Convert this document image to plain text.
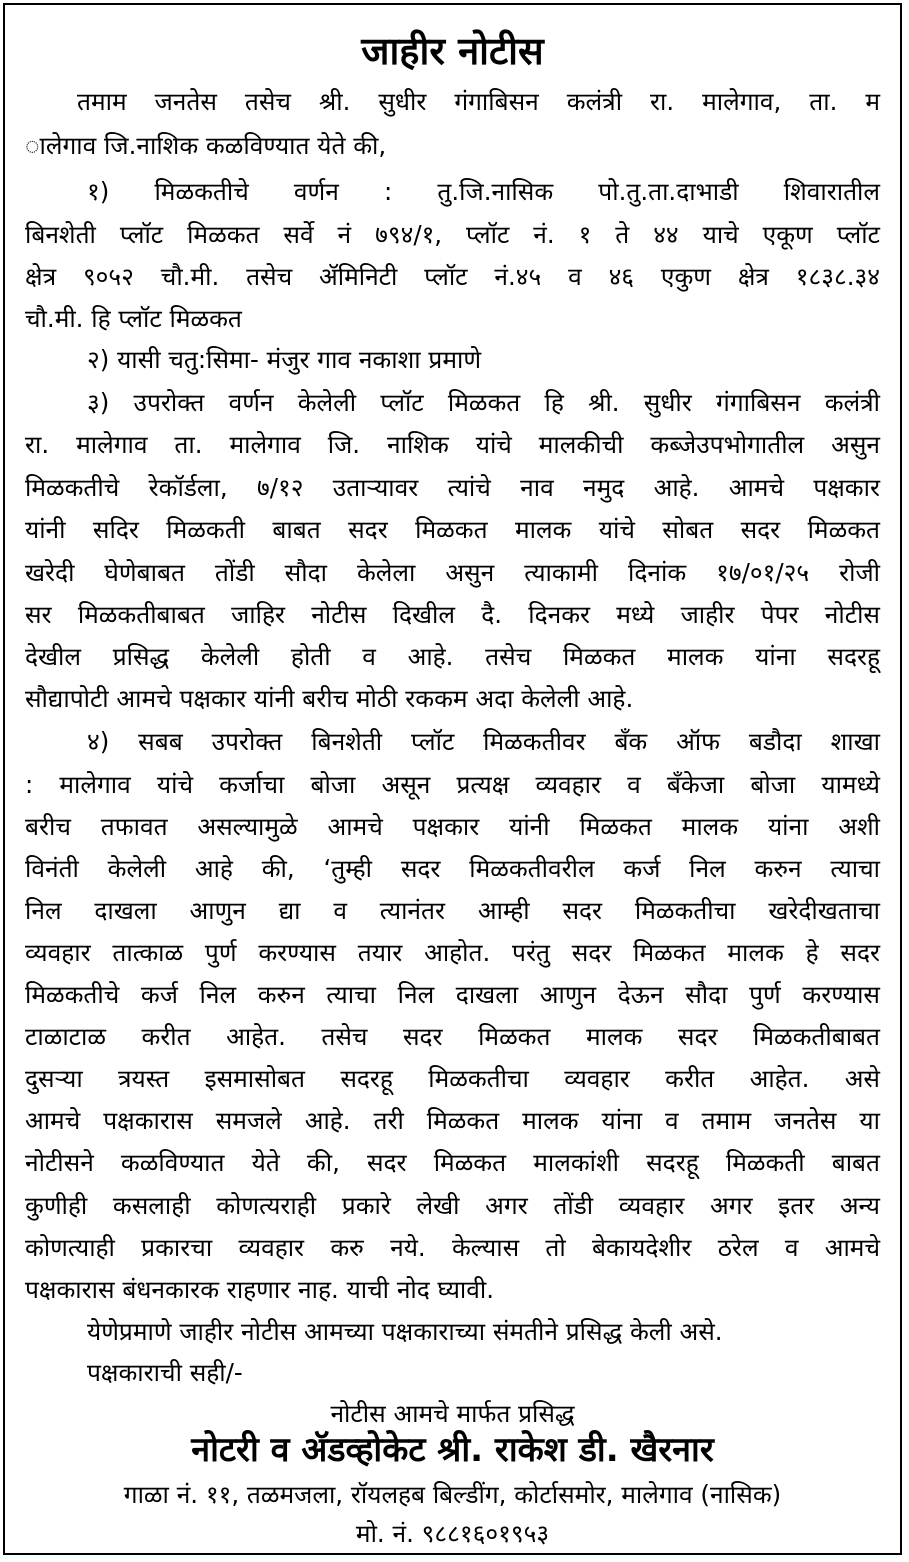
जाहीर नोटीस
तमाम जनतेस तसेच श्री. सुधीर गंगाबिसन कलंत्री रा. मालेगाव, ता. म
ालेगाव जि.नाशिक कळविण्यात येते की,
१) मिळकतीचे वर्णन : तु.जि.नासिक पो.तु.ता.दाभाडी शिवारातील
बिनशेती प्लॉट मिळकत सर्वे नं ७९४/१, प्लॉट नं. १ ते ४४ याचे एकूण प्लॉट
क्षेत्र ९०५२ चौ.मी. तसेच ॲमिनिटी प्लॉट नं.४५ व ४६ एकुण क्षेत्र १८३८.३४
चौ.मी. हि प्लॉट मिळकत
२) यासी चतु:सिमा- मंजुर गाव नकाशा प्रमाणे
३) उपरोक्त वर्णन केलेली प्लॉट मिळकत हि श्री. सुधीर गंगाबिसन कलंत्री
रा. मालेगाव ता. मालेगाव जि. नाशिक यांचे मालकीची कब्जेउपभोगातील असुन
मिळकतीचे रेकॉर्डला, ७/१२ उताऱ्यावर त्यांचे नाव नमुद आहे. आमचे पक्षकार
यांनी सदिर मिळकती बाबत सदर मिळकत मालक यांचे सोबत सदर मिळकत
खरेदी घेणेबाबत तोंडी सौदा केलेला असुन त्याकामी दिनांक १७/०१/२५ रोजी
सर मिळकतीबाबत जाहिर नोटीस दिखील दै. दिनकर मध्ये जाहीर पेपर नोटीस
देखील प्रसिद्ध केलेली होती व आहे. तसेच मिळकत मालक यांना सदरहू
सौद्यापोटी आमचे पक्षकार यांनी बरीच मोठी रककम अदा केलेली आहे.
४) सबब उपरोक्त बिनशेती प्लॉट मिळकतीवर बँक ऑफ बडौदा शाखा
: मालेगाव यांचे कर्जाचा बोजा असून प्रत्यक्ष व्यवहार व बँकेजा बोजा यामध्ये
बरीच तफावत असल्यामुळे आमचे पक्षकार यांनी मिळकत मालक यांना अशी
विनंती केलेली आहे की, ‘तुम्ही सदर मिळकतीवरील कर्ज निल करुन त्याचा
निल दाखला आणुन द्या व त्यानंतर आम्ही सदर मिळकतीचा खरेदीखताचा
व्यवहार तात्काळ पुर्ण करण्यास तयार आहोत. परंतु सदर मिळकत मालक हे सदर
मिळकतीचे कर्ज निल करुन त्याचा निल दाखला आणुन देऊन सौदा पुर्ण करण्यास
टाळाटाळ करीत आहेत. तसेच सदर मिळकत मालक सदर मिळकतीबाबत
दुसऱ्या त्रयस्त इसमासोबत सदरहू मिळकतीचा व्यवहार करीत आहेत. असे
आमचे पक्षकारास समजले आहे. तरी मिळकत मालक यांना व तमाम जनतेस या
नोटीसने कळविण्यात येते की, सदर मिळकत मालकांशी सदरहू मिळकती बाबत
कुणीही कसलाही कोणत्यराही प्रकारे लेखी अगर तोंडी व्यवहार अगर इतर अन्य
कोणत्याही प्रकारचा व्यवहार करु नये. केल्यास तो बेकायदेशीर ठरेल व आमचे
पक्षकारास बंधनकारक राहणार नाह. याची नोद घ्यावी.
येणेप्रमाणे जाहीर नोटीस आमच्या पक्षकाराच्या संमतीने प्रसिद्ध केली असे.
पक्षकाराची सही/-
नोटीस आमचे मार्फत प्रसिद्ध
नोटरी व ॲडव्होकेट श्री. राकेश डी. खैरनार
गाळा नं. ११, तळमजला, रॉयलहब बिल्डींग, कोर्टासमोर, मालेगाव (नासिक)
मो. नं. ९८८१६०१९५३
